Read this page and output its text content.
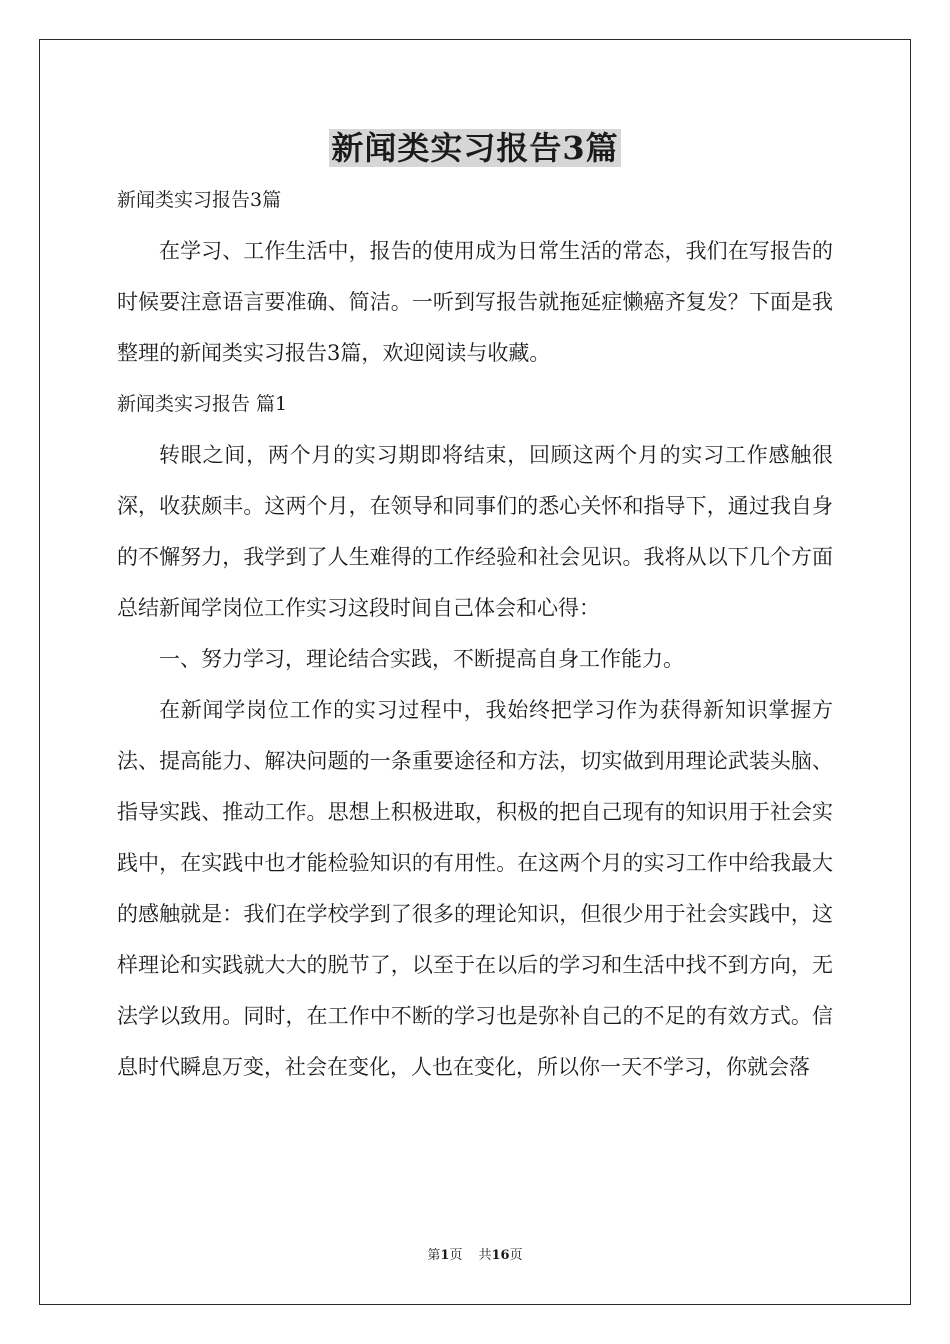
新闻类实习报告3篇

新闻类实习报告3篇

在学习、工作生活中，报告的使用成为日常生活的常态，我们在写报告的时候要注意语言要准确、简洁。一听到写报告就拖延症懒癌齐复发？下面是我整理的新闻类实习报告3篇，欢迎阅读与收藏。

新闻类实习报告 篇1

转眼之间，两个月的实习期即将结束，回顾这两个月的实习工作感触很深，收获颇丰。这两个月，在领导和同事们的悉心关怀和指导下，通过我自身的不懈努力，我学到了人生难得的工作经验和社会见识。我将从以下几个方面总结新闻学岗位工作实习这段时间自己体会和心得：

一、努力学习，理论结合实践，不断提高自身工作能力。

在新闻学岗位工作的实习过程中，我始终把学习作为获得新知识掌握方法、提高能力、解决问题的一条重要途径和方法，切实做到用理论武装头脑、指导实践、推动工作。思想上积极进取，积极的把自己现有的知识用于社会实践中，在实践中也才能检验知识的有用性。在这两个月的实习工作中给我最大的感触就是：我们在学校学到了很多的理论知识，但很少用于社会实践中，这样理论和实践就大大的脱节了，以至于在以后的学习和生活中找不到方向，无法学以致用。同时，在工作中不断的学习也是弥补自己的不足的有效方式。信息时代瞬息万变，社会在变化，人也在变化，所以你一天不学习，你就会落

第1页 共16页
